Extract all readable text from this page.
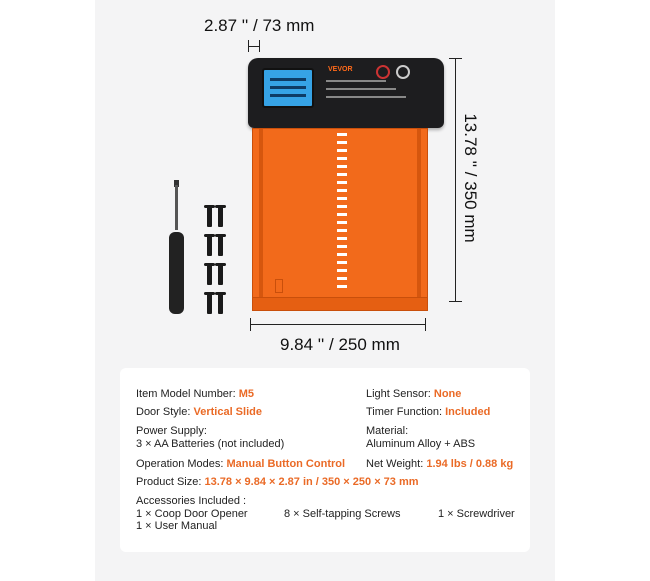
2.87 '' / 73 mm
13.78 '' / 350 mm
9.84 '' / 250 mm
VEVOR
Item Model Number: M5	Light Sensor: None
Door Style: Vertical Slide	Timer Function: Included
Power Supply:
3 × AA Batteries (not included)
Material:
Aluminum Alloy + ABS
Operation Modes: Manual Button Control Net Weight: 1.94 lbs / 0.88 kg
Product Size: 13.78 × 9.84 × 2.87 in / 350 × 250 × 73 mm
Accessories Included :
1 × Coop Door Opener
1 × User Manual
8 × Self-tapping Screws	1 × Screwdriver
